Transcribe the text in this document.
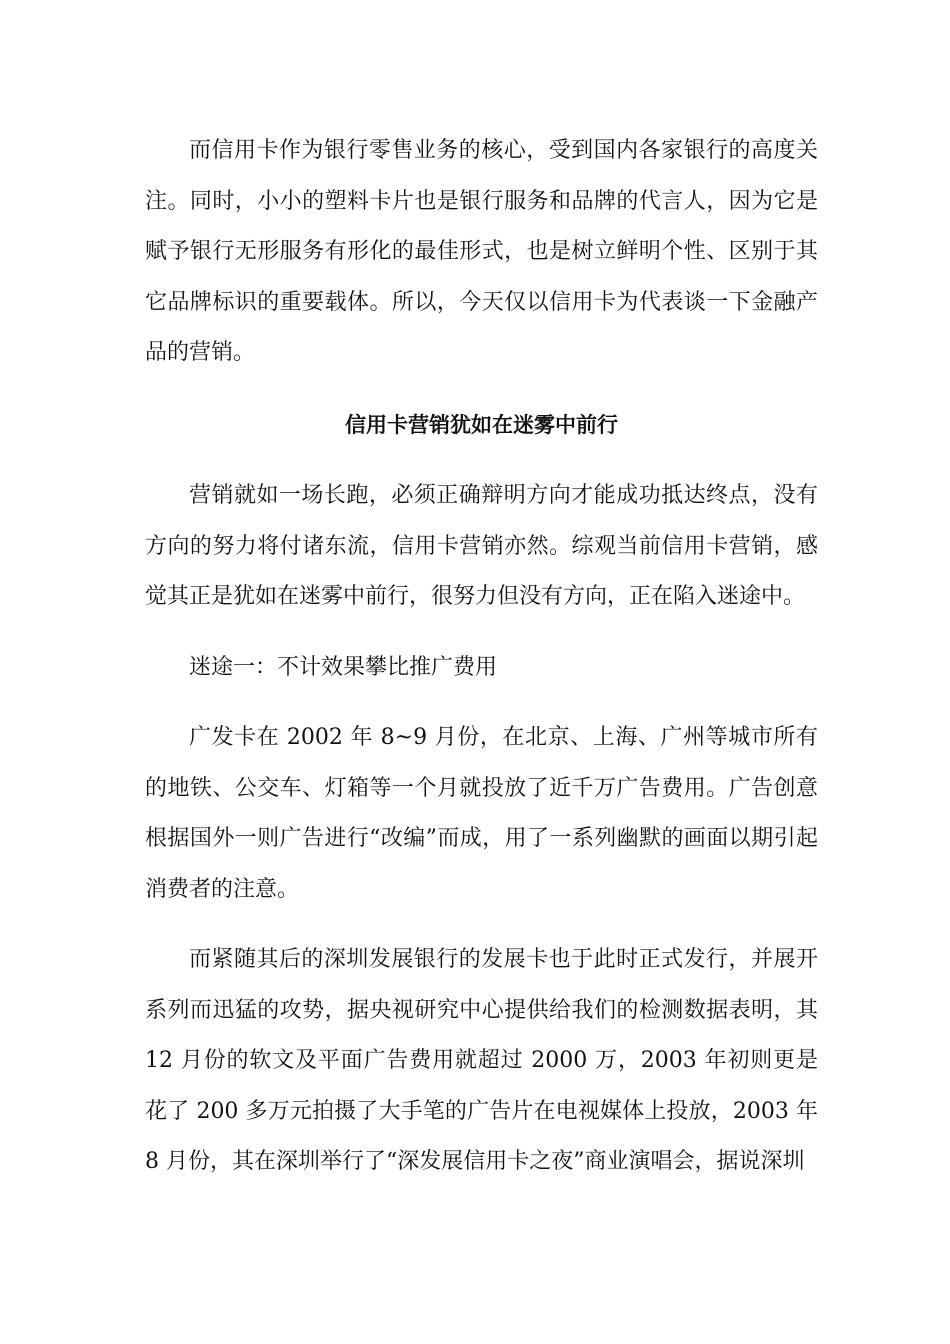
而信用卡作为银行零售业务的核心，受到国内各家银行的高度关注。同时，小小的塑料卡片也是银行服务和品牌的代言人，因为它是赋予银行无形服务有形化的最佳形式，也是树立鲜明个性、区别于其它品牌标识的重要载体。所以，今天仅以信用卡为代表谈一下金融产品的营销。

信用卡营销犹如在迷雾中前行

营销就如一场长跑，必须正确辩明方向才能成功抵达终点，没有方向的努力将付诸东流，信用卡营销亦然。综观当前信用卡营销，感觉其正是犹如在迷雾中前行，很努力但没有方向，正在陷入迷途中。

迷途一：不计效果攀比推广费用

广发卡在 2002 年 8~9 月份，在北京、上海、广州等城市所有的地铁、公交车、灯箱等一个月就投放了近千万广告费用。广告创意根据国外一则广告进行“改编”而成，用了一系列幽默的画面以期引起消费者的注意。

而紧随其后的深圳发展银行的发展卡也于此时正式发行，并展开系列而迅猛的攻势，据央视研究中心提供给我们的检测数据表明，其 12 月份的软文及平面广告费用就超过 2000 万，2003 年初则更是花了 200 多万元拍摄了大手笔的广告片在电视媒体上投放，2003 年 8 月份，其在深圳举行了“深发展信用卡之夜”商业演唱会，据说深圳
